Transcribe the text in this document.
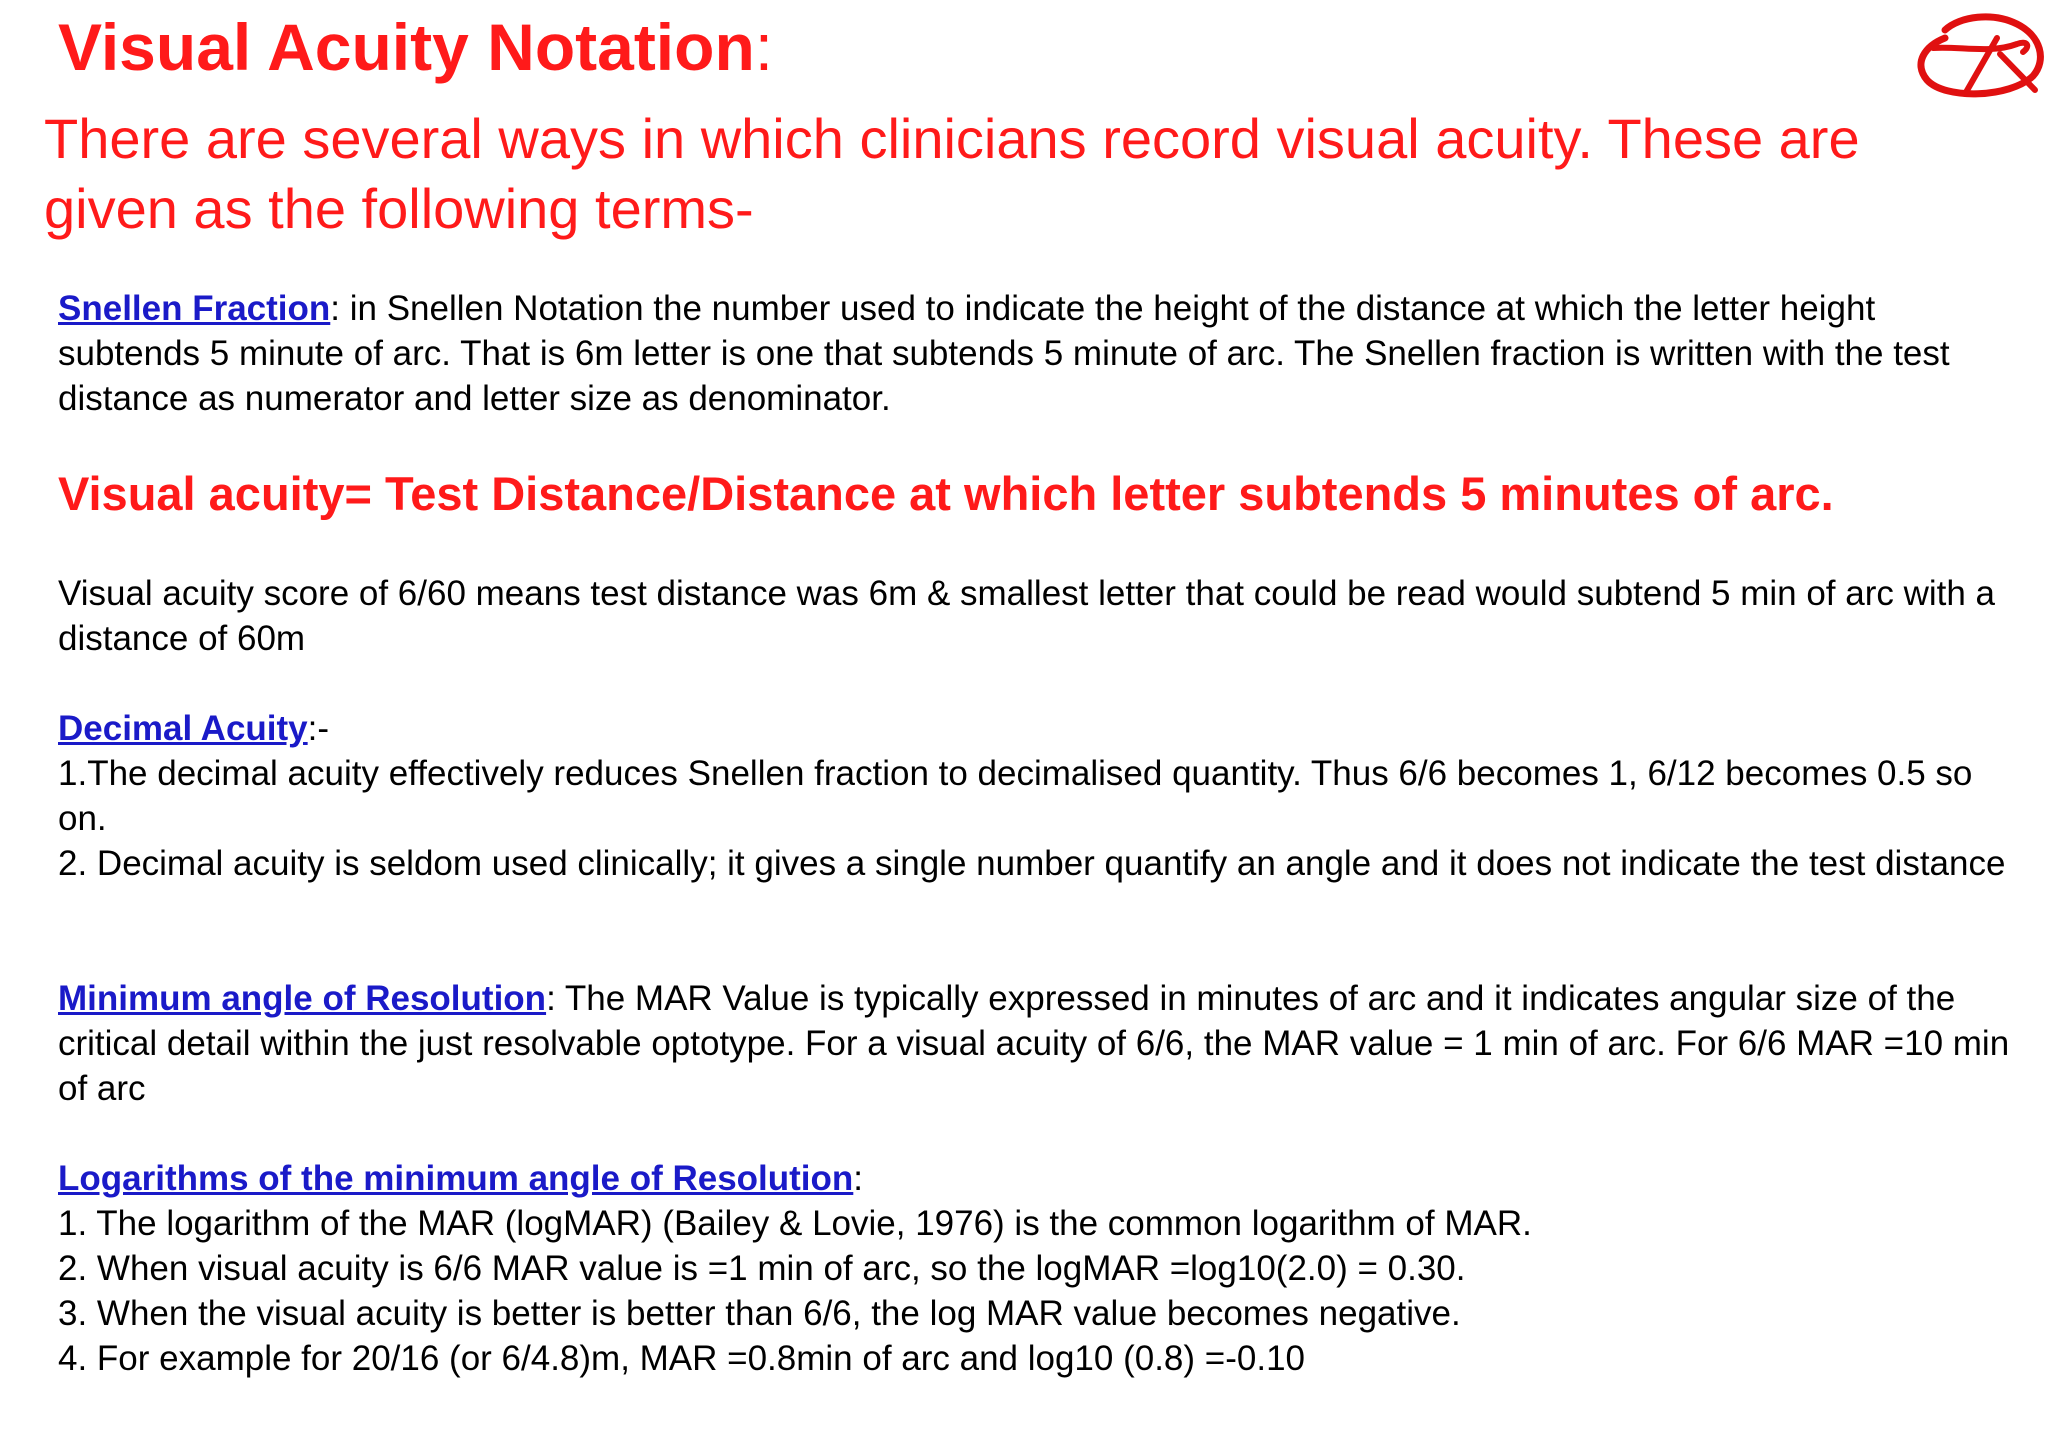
Visual Acuity Notation:
There are several ways in which clinicians record visual acuity. These are given as the following terms-
Snellen Fraction: in Snellen Notation the number used to indicate the height of the distance at which the letter height subtends 5 minute of arc. That is 6m letter is one that subtends 5 minute of arc. The Snellen fraction is written with the test distance as numerator and letter size as denominator.
Visual acuity= Test Distance/Distance at which letter subtends 5 minutes of arc.
Visual acuity score of 6/60 means test distance was 6m & smallest letter that could be read would subtend 5 min of arc with a distance of 60m
Decimal Acuity:-
1.The decimal acuity effectively reduces Snellen fraction to decimalised quantity. Thus 6/6 becomes 1, 6/12 becomes 0.5 so on.
2. Decimal acuity is seldom used clinically; it gives a single number quantify an angle and it does not indicate the test distance
Minimum angle of Resolution: The MAR Value is typically expressed in minutes of arc and it indicates angular size of the critical detail within the just resolvable optotype. For a visual acuity of 6/6, the MAR value = 1 min of arc. For 6/6 MAR =10 min of arc
Logarithms of the minimum angle of Resolution:
1. The logarithm of the MAR (logMAR) (Bailey & Lovie, 1976) is the common logarithm of MAR.
2. When visual acuity is 6/6 MAR value is =1 min of arc, so the logMAR =log10(2.0) = 0.30.
3. When the visual acuity is better is better than 6/6, the log MAR value becomes negative.
4. For example for 20/16 (or 6/4.8)m, MAR =0.8min of arc and log10 (0.8) =-0.10
